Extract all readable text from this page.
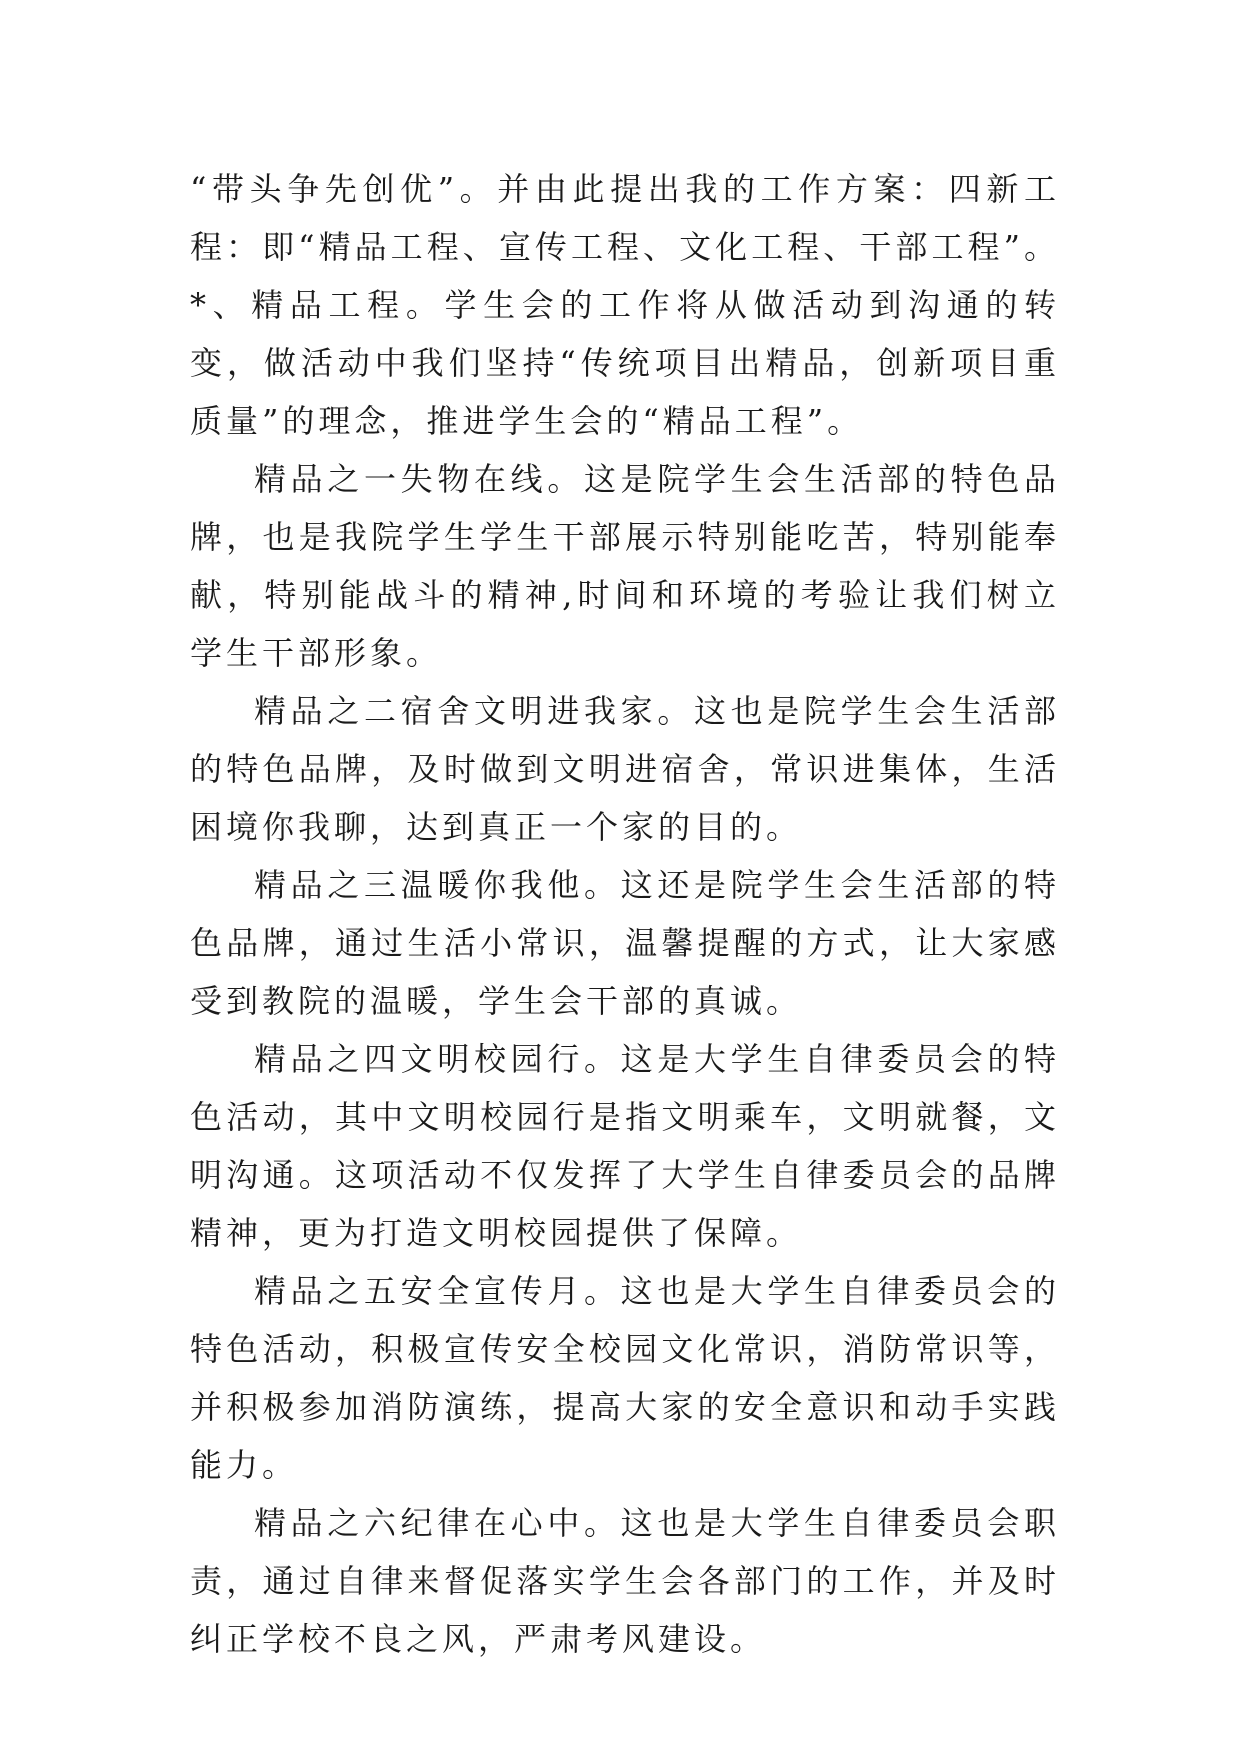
“带头争先创优”。并由此提出我的工作方案：四新工程：即“精品工程、宣传工程、文化工程、干部工程”。*、精品工程。学生会的工作将从做活动到沟通的转变，做活动中我们坚持“传统项目出精品，创新项目重质量”的理念，推进学生会的“精品工程”。

精品之一失物在线。这是院学生会生活部的特色品牌，也是我院学生学生干部展示特别能吃苦，特别能奉献，特别能战斗的精神,时间和环境的考验让我们树立学生干部形象。

精品之二宿舍文明进我家。这也是院学生会生活部的特色品牌，及时做到文明进宿舍，常识进集体，生活困境你我聊，达到真正一个家的目的。

精品之三温暖你我他。这还是院学生会生活部的特色品牌，通过生活小常识，温馨提醒的方式，让大家感受到教院的温暖，学生会干部的真诚。

精品之四文明校园行。这是大学生自律委员会的特色活动，其中文明校园行是指文明乘车，文明就餐，文明沟通。这项活动不仅发挥了大学生自律委员会的品牌精神，更为打造文明校园提供了保障。

精品之五安全宣传月。这也是大学生自律委员会的特色活动，积极宣传安全校园文化常识，消防常识等，并积极参加消防演练，提高大家的安全意识和动手实践能力。

精品之六纪律在心中。这也是大学生自律委员会职责，通过自律来督促落实学生会各部门的工作，并及时纠正学校不良之风，严肃考风建设。
